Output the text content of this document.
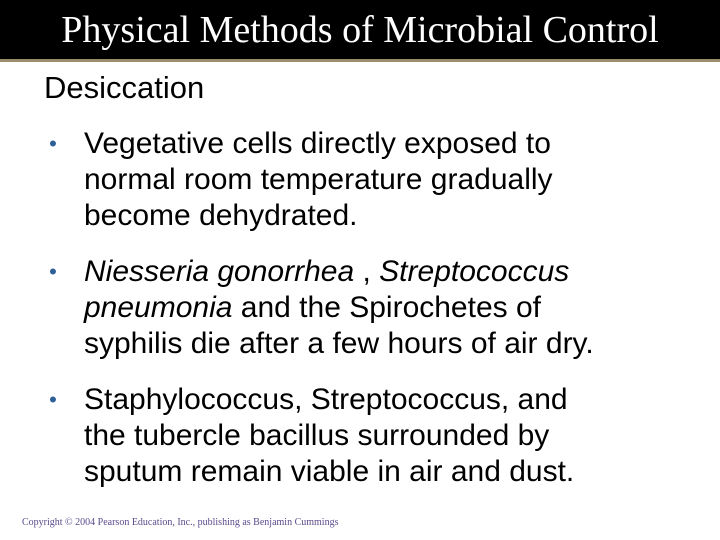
Physical Methods of Microbial Control
Desiccation
• Vegetative cells directly exposed to
normal room temperature gradually
become dehydrated.
• Niesseria gonorrhea , Streptococcus
pneumonia and the Spirochetes of
syphilis die after a few hours of air dry.
• Staphylococcus, Streptococcus, and
the tubercle bacillus surrounded by
sputum remain viable in air and dust.
Copyright © 2004 Pearson Education, Inc., publishing as Benjamin Cummings
